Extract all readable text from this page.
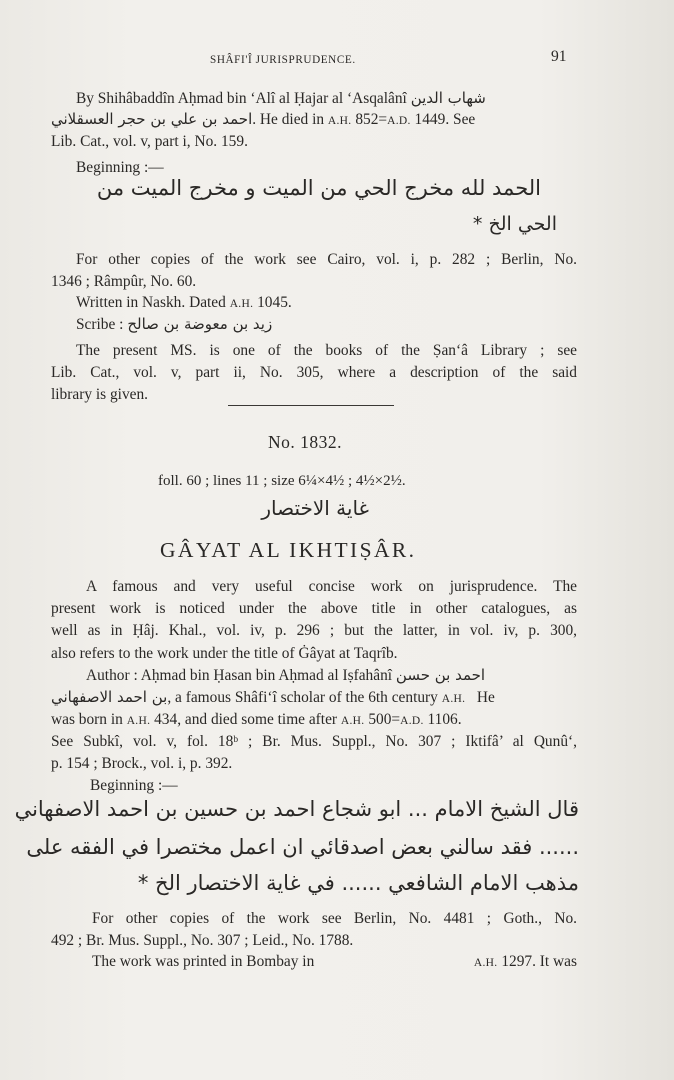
SHÂFI'Î JURISPRUDENCE.	91
By Shihâbaddîn Aḥmad bin ‘Alî al Ḥajar al ‘Asqalânî شهاب الدين
احمد بن علي بن حجر العسقلاني. He died in A.H. 852=A.D. 1449. See
Lib. Cat., vol. v, part i, No. 159.
Beginning :—
الحمد لله مخرج الحي من الميت و مخرج الميت من
الحي الخ *
For other copies of the work see Cairo, vol. i, p. 282 ; Berlin, No.
1346 ; Râmpûr, No. 60.
Written in Naskh. Dated A.H. 1045.
Scribe : زيد بن معوضة بن صالح
The present MS. is one of the books of the Ṣan‘â Library ; see
Lib. Cat., vol. v, part ii, No. 305, where a description of the said
library is given.
No. 1832.
foll. 60 ; lines 11 ; size 6¼×4½ ; 4½×2½.
غاية الاختصار
GÂYAT AL IKHTIṢÂR.
A famous and very useful concise work on jurisprudence. The
present work is noticed under the above title in other catalogues, as
well as in Ḥâj. Khal., vol. iv, p. 296 ; but the latter, in vol. iv, p. 300,
also refers to the work under the title of Ġâyat at Taqrîb.
Author : Aḥmad bin Ḥasan bin Aḥmad al Iṣfahânî احمد بن حسن
بن احمد الاصفهاني, a famous Shâfi‘î scholar of the 6th century A.H. He
was born in A.H. 434, and died some time after A.H. 500=A.D. 1106.
See Subkî, vol. v, fol. 18ᵇ ; Br. Mus. Suppl., No. 307 ; Iktifâ’ al Qunû‘,
p. 154 ; Brock., vol. i, p. 392.
Beginning :—
قال الشيخ الامام ... ابو شجاع احمد بن حسين بن احمد الاصفهاني
...... فقد سالني بعض اصدقائي ان اعمل مختصرا في الفقه على
مذهب الامام الشافعي ...... في غاية الاختصار الخ *
For other copies of the work see Berlin, No. 4481 ; Goth., No.
492 ; Br. Mus. Suppl., No. 307 ; Leid., No. 1788.
The work was printed in Bombay in	A.H. 1297. It was
